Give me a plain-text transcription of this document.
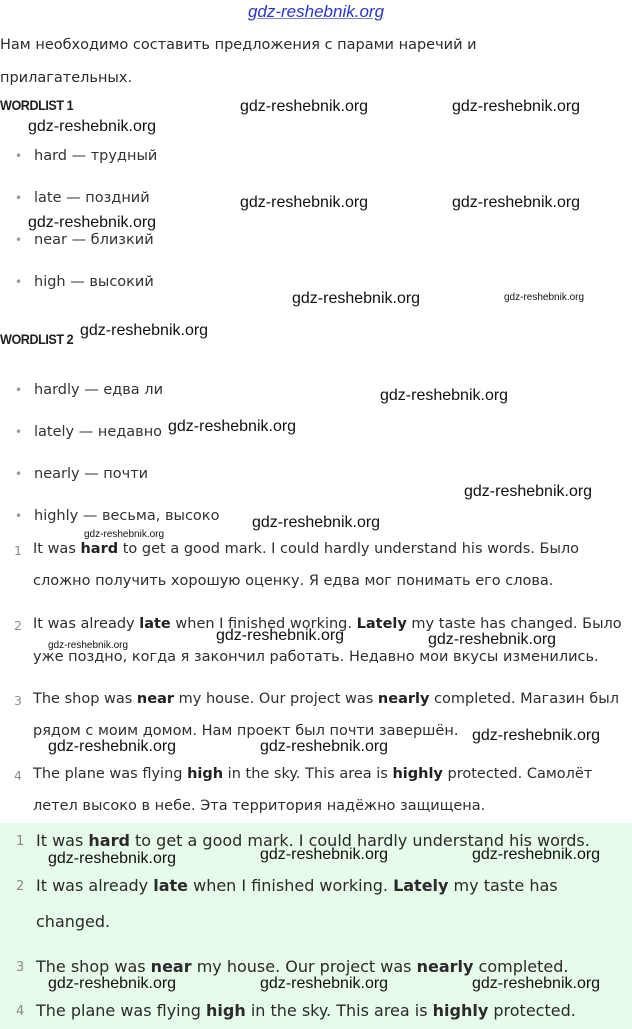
gdz-reshebnik.org
Нам необходимо составить предложения с парами наречий и прилагательных.
WORDLIST 1
• hard — трудный
• late — поздний
• near — близкий
• high — высокий
WORDLIST 2
• hardly — едва ли
• lately — недавно
• nearly — почти
• highly — весьма, высоко
1 It was hard to get a good mark. I could hardly understand his words. Было
сложно получить хорошую оценку. Я едва мог понимать его слова.
2 It was already late when I finished working. Lately my taste has changed. Было
уже поздно, когда я закончил работать. Недавно мои вкусы изменились.
3 The shop was near my house. Our project was nearly completed. Магазин был
рядом с моим домом. Нам проект был почти завершён.
4 The plane was flying high in the sky. This area is highly protected. Самолёт
летел высоко в небе. Эта территория надёжно защищена.
1 It was hard to get a good mark. I could hardly understand his words.
2 It was already late when I finished working. Lately my taste has
changed.
3 The shop was near my house. Our project was nearly completed.
4 The plane was flying high in the sky. This area is highly protected.
gdz-reshebnik.org
gdz-reshebnik.org	gdz-reshebnik.org
gdz-reshebnik.org
gdz-reshebnik.org	gdz-reshebnik.org
gdz-reshebnik.org	gdz-reshebnik.org
gdz-reshebnik.org
gdz-reshebnik.org
gdz-reshebnik.org
gdz-reshebnik.org
gdz-reshebnik.org
gdz-reshebnik.org
gdz-reshebnik.org
gdz-reshebnik.org	gdz-reshebnik.org
gdz-reshebnik.org	gdz-reshebnik.org
gdz-reshebnik.org
gdz-reshebnik.org	gdz-reshebnik.org	gdz-reshebnik.org
gdz-reshebnik.org	gdz-reshebnik.org	gdz-reshebnik.org
